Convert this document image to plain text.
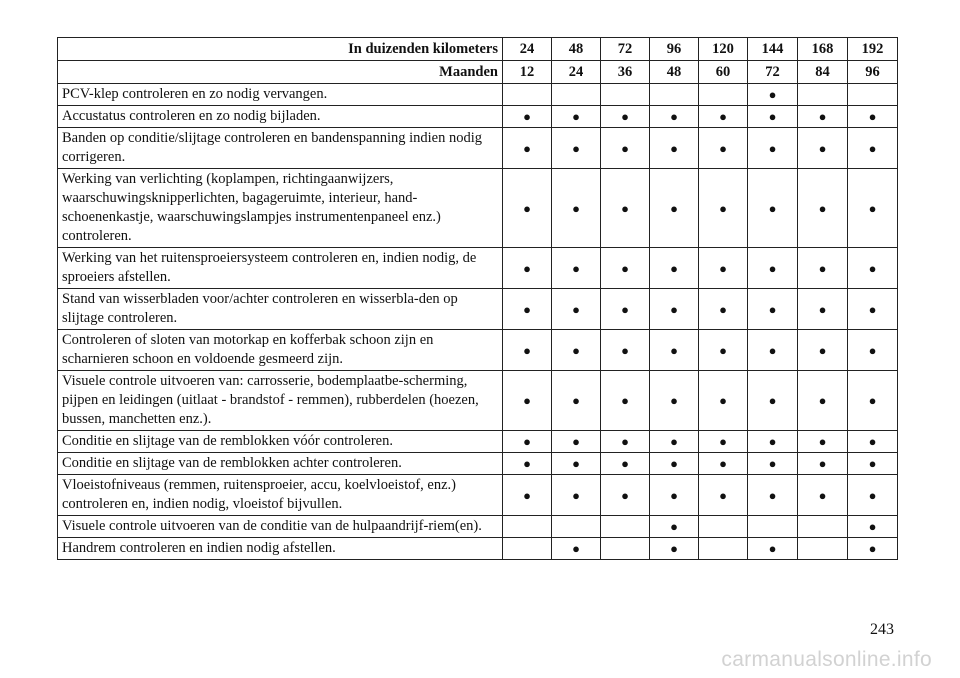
In duizenden kilometers	24	48	72	96	120	144	168	192
Maanden	12	24	36	48	60	72	84	96
PCV-klep controleren en zo nodig vervangen.						●		
Accustatus controleren en zo nodig bijladen.	●	●	●	●	●	●	●	●
Banden op conditie/slijtage controleren en bandenspanning indien nodig corrigeren.	●	●	●	●	●	●	●	●
Werking van verlichting (koplampen, richtingaanwijzers, waarschuwingsknipperlichten, bagageruimte, interieur, hand-schoenenkastje, waarschuwingslampjes instrumentenpaneel enz.) controleren.	●	●	●	●	●	●	●	●
Werking van het ruitensproeiersysteem controleren en, indien nodig, de sproeiers afstellen.	●	●	●	●	●	●	●	●
Stand van wisserbladen voor/achter controleren en wisserbla-den op slijtage controleren.	●	●	●	●	●	●	●	●
Controleren of sloten van motorkap en kofferbak schoon zijn en scharnieren schoon en voldoende gesmeerd zijn.	●	●	●	●	●	●	●	●
Visuele controle uitvoeren van: carrosserie, bodemplaatbe-scherming, pijpen en leidingen (uitlaat - brandstof - remmen), rubberdelen (hoezen, bussen, manchetten enz.).	●	●	●	●	●	●	●	●
Conditie en slijtage van de remblokken vóór controleren.	●	●	●	●	●	●	●	●
Conditie en slijtage van de remblokken achter controleren.	●	●	●	●	●	●	●	●
Vloeistofniveaus (remmen, ruitensproeier, accu, koelvloeistof, enz.) controleren en, indien nodig, vloeistof bijvullen.	●	●	●	●	●	●	●	●
Visuele controle uitvoeren van de conditie van de hulpaandrijf-riem(en).				●				●
Handrem controleren en indien nodig afstellen.		●		●		●		●
243
carmanualsonline.info
